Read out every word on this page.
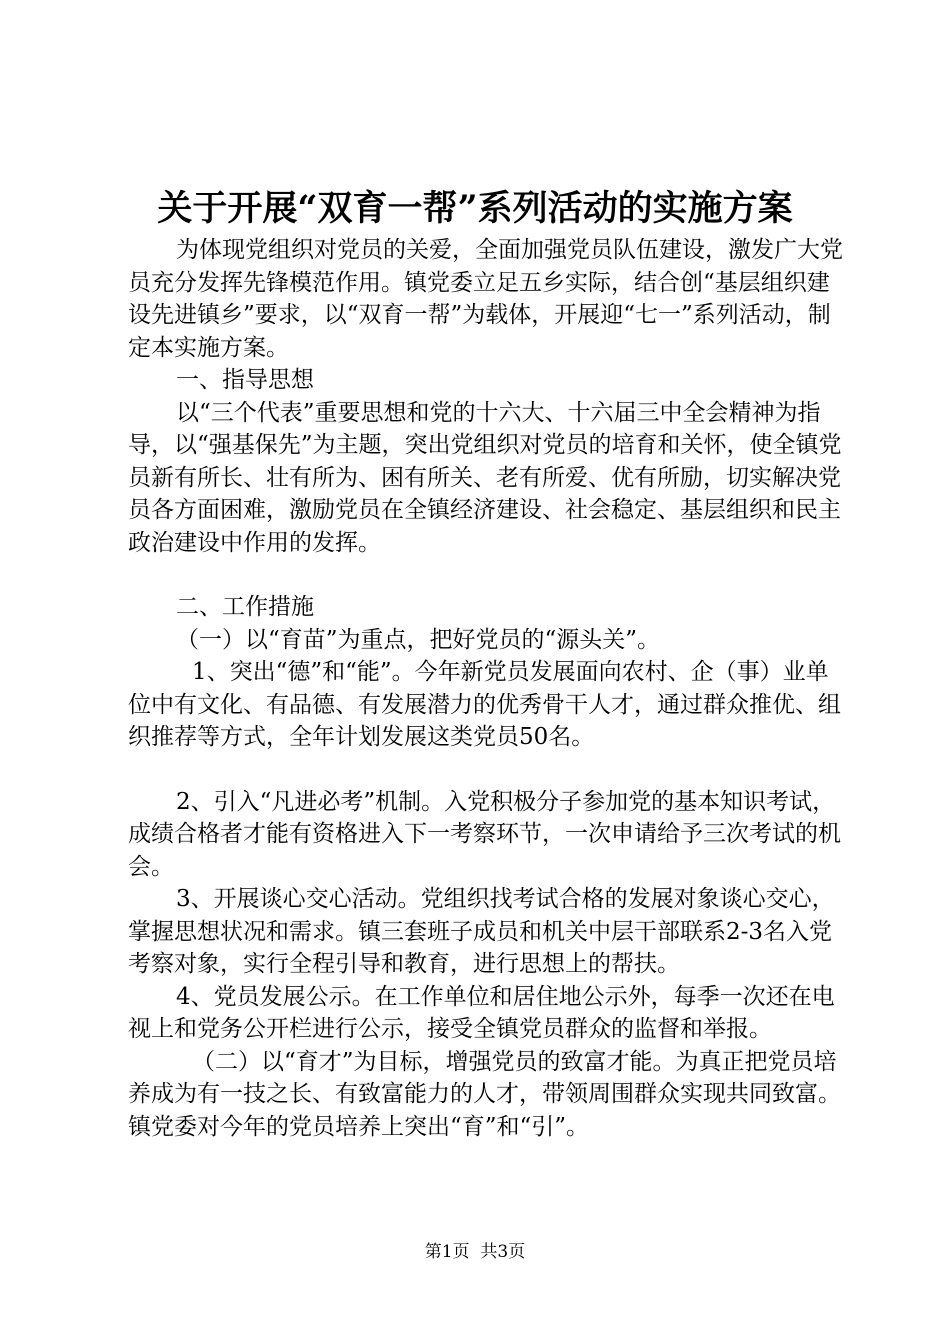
关于开展“双育一帮”系列活动的实施方案

为体现党组织对党员的关爱，全面加强党员队伍建设，激发广大党员充分发挥先锋模范作用。镇党委立足五乡实际，结合创“基层组织建设先进镇乡”要求，以“双育一帮”为载体，开展迎“七一”系列活动，制定本实施方案。

一、指导思想

以“三个代表”重要思想和党的十六大、十六届三中全会精神为指导，以“强基保先”为主题，突出党组织对党员的培育和关怀，使全镇党员新有所长、壮有所为、困有所关、老有所爱、优有所励，切实解决党员各方面困难，激励党员在全镇经济建设、社会稳定、基层组织和民主政治建设中作用的发挥。

二、工作措施

（一）以“育苗”为重点，把好党员的“源头关”。

1、突出“德”和“能”。今年新党员发展面向农村、企（事）业单位中有文化、有品德、有发展潜力的优秀骨干人才，通过群众推优、组织推荐等方式，全年计划发展这类党员50名。

2、引入“凡进必考”机制。入党积极分子参加党的基本知识考试，成绩合格者才能有资格进入下一考察环节，一次申请给予三次考试的机会。

3、开展谈心交心活动。党组织找考试合格的发展对象谈心交心，掌握思想状况和需求。镇三套班子成员和机关中层干部联系2-3名入党考察对象，实行全程引导和教育，进行思想上的帮扶。

4、党员发展公示。在工作单位和居住地公示外，每季一次还在电视上和党务公开栏进行公示，接受全镇党员群众的监督和举报。

（二）以“育才”为目标，增强党员的致富才能。为真正把党员培养成为有一技之长、有致富能力的人才，带领周围群众实现共同致富。镇党委对今年的党员培养上突出“育”和“引”。

第1页  共3页
